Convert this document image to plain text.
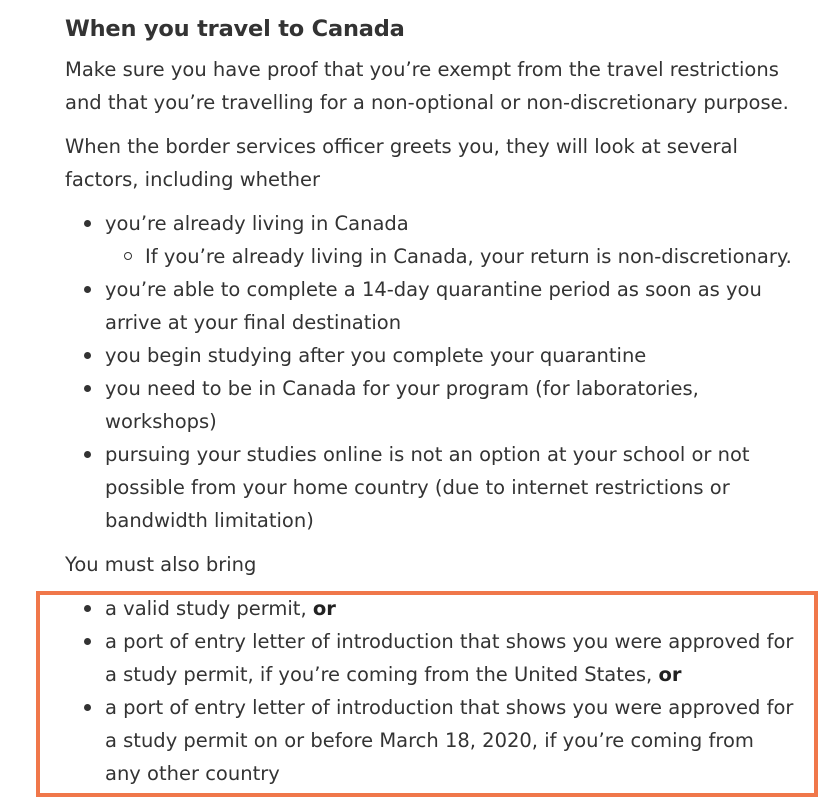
When you travel to Canada

Make sure you have proof that you’re exempt from the travel restrictions and that you’re travelling for a non-optional or non-discretionary purpose.

When the border services officer greets you, they will look at several factors, including whether

you’re already living in Canada
If you’re already living in Canada, your return is non-discretionary.
you’re able to complete a 14-day quarantine period as soon as you arrive at your final destination
you begin studying after you complete your quarantine
you need to be in Canada for your program (for laboratories, workshops)
pursuing your studies online is not an option at your school or not possible from your home country (due to internet restrictions or bandwidth limitation)

You must also bring

a valid study permit, or
a port of entry letter of introduction that shows you were approved for a study permit, if you’re coming from the United States, or
a port of entry letter of introduction that shows you were approved for a study permit on or before March 18, 2020, if you’re coming from any other country
